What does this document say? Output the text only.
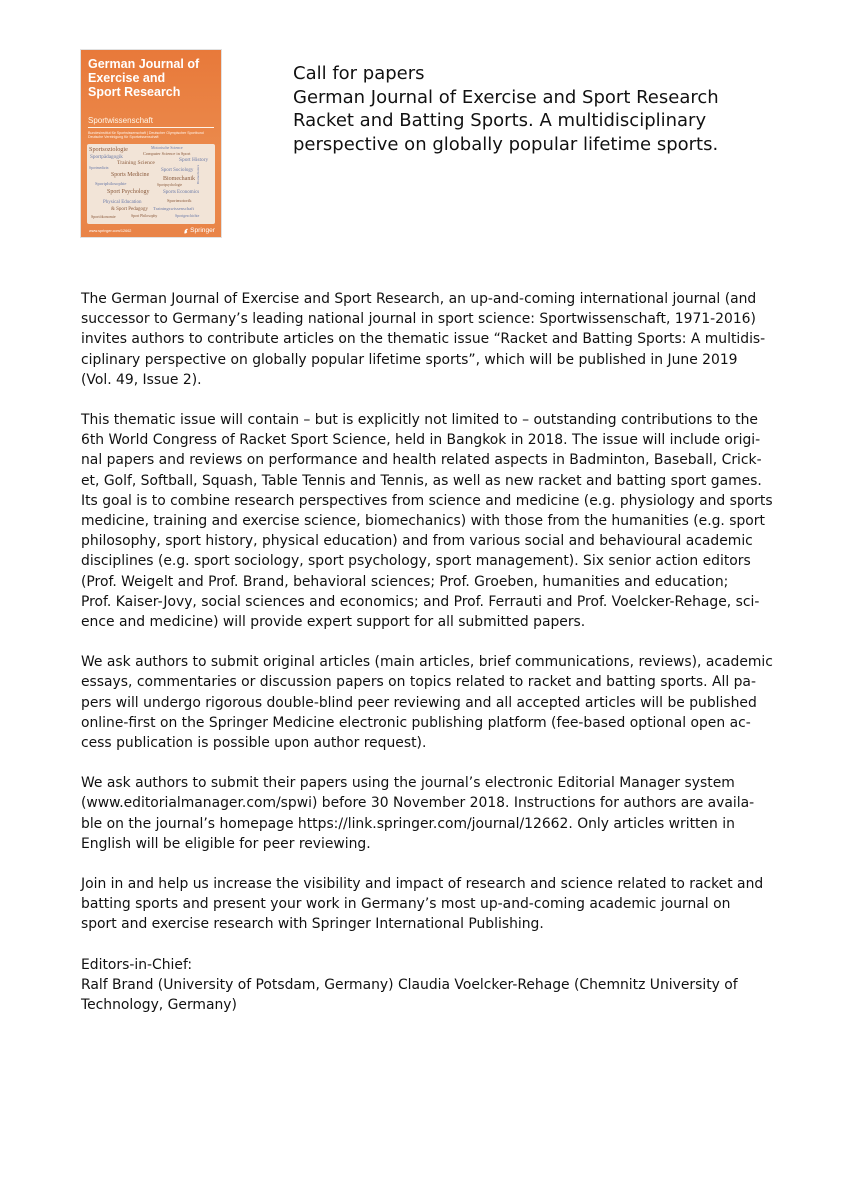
German Journal of
Exercise and
Sport Research
Sportwissenschaft
Bundesinstitut für Sportwissenschaft | Deutscher Olympischer Sportbund
Deutsche Vereinigung für Sportwissenschaft
Sportsoziologie	Motorische Science
Computer Science in Sport
Sportpädagogik
Training Science	Sport History
Sport Sociology
Sports Medicine
Biomechanik
Sportphilosophie
Sport Psychology	Sports Economics
Physical Education
& Sport Pedagogy
Sportmotorik
Trainingswissenschaft
Sportökonomie	Sportgeschichte
Sportmedizin
Sportpsychologie
Sport Philosophy
Biomechanics
www.springer.com/12662	Springer
Call for papers
German Journal of Exercise and Sport Research
Racket and Batting Sports. A multidisciplinary
perspective on globally popular lifetime sports.
The German Journal of Exercise and Sport Research, an up-and-coming international journal (and
successor to Germany’s leading national journal in sport science: Sportwissenschaft, 1971-2016)
invites authors to contribute articles on the thematic issue “Racket and Batting Sports: A multidis-
ciplinary perspective on globally popular lifetime sports”, which will be published in June 2019
(Vol. 49, Issue 2).
This thematic issue will contain – but is explicitly not limited to – outstanding contributions to the
6th World Congress of Racket Sport Science, held in Bangkok in 2018. The issue will include origi-
nal papers and reviews on performance and health related aspects in Badminton, Baseball, Crick-
et, Golf, Softball, Squash, Table Tennis and Tennis, as well as new racket and batting sport games.
Its goal is to combine research perspectives from science and medicine (e.g. physiology and sports
medicine, training and exercise science, biomechanics) with those from the humanities (e.g. sport
philosophy, sport history, physical education) and from various social and behavioural academic
disciplines (e.g. sport sociology, sport psychology, sport management). Six senior action editors
(Prof. Weigelt and Prof. Brand, behavioral sciences; Prof. Groeben, humanities and education;
Prof. Kaiser-Jovy, social sciences and economics; and Prof. Ferrauti and Prof. Voelcker-Rehage, sci-
ence and medicine) will provide expert support for all submitted papers.
We ask authors to submit original articles (main articles, brief communications, reviews), academic
essays, commentaries or discussion papers on topics related to racket and batting sports. All pa-
pers will undergo rigorous double-blind peer reviewing and all accepted articles will be published
online-first on the Springer Medicine electronic publishing platform (fee-based optional open ac-
cess publication is possible upon author request).
We ask authors to submit their papers using the journal’s electronic Editorial Manager system
(www.editorialmanager.com/spwi) before 30 November 2018. Instructions for authors are availa-
ble on the journal’s homepage https://link.springer.com/journal/12662. Only articles written in
English will be eligible for peer reviewing.
Join in and help us increase the visibility and impact of research and science related to racket and
batting sports and present your work in Germany’s most up-and-coming academic journal on
sport and exercise research with Springer International Publishing.
Editors-in-Chief:
Ralf Brand (University of Potsdam, Germany) Claudia Voelcker-Rehage (Chemnitz University of
Technology, Germany)
